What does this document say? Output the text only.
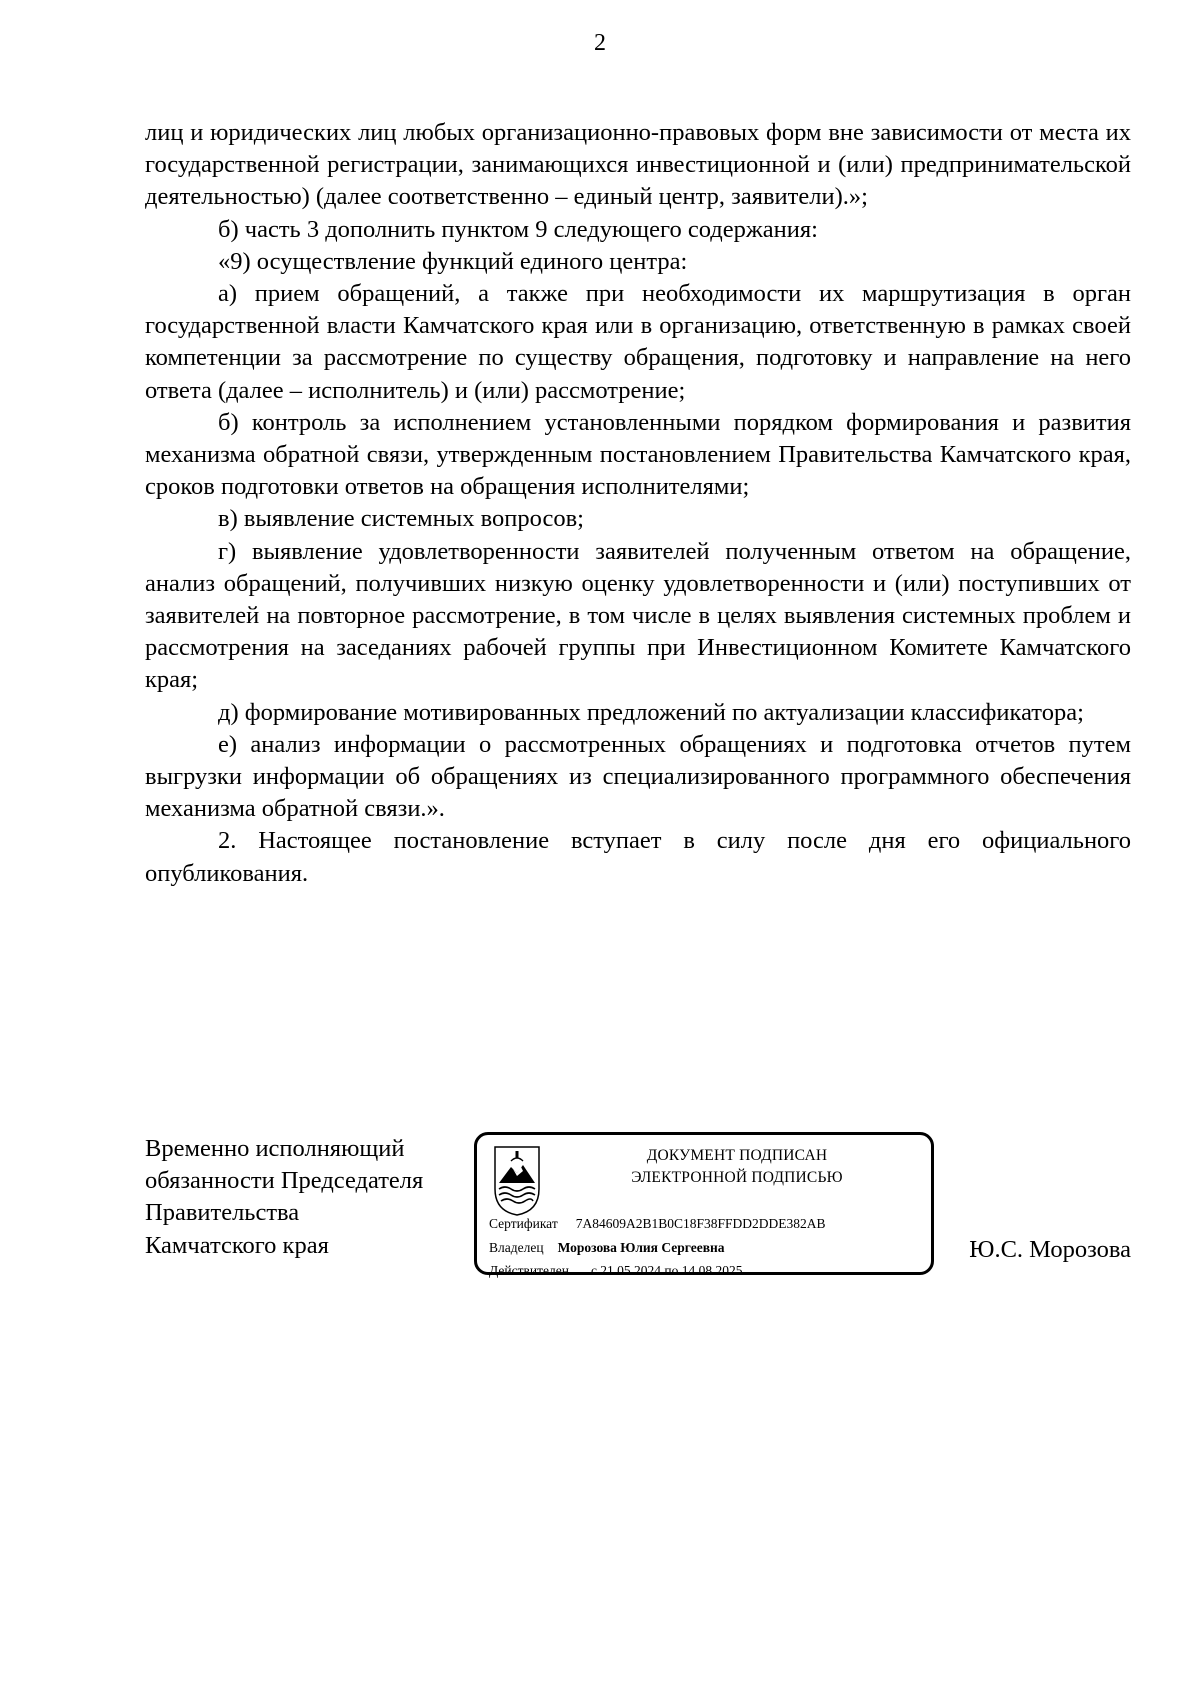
2

лиц и юридических лиц любых организационно-правовых форм вне зависимости от места их государственной регистрации, занимающихся инвестиционной и (или) предпринимательской деятельностью) (далее соответственно – единый центр, заявители).»;

б) часть 3 дополнить пунктом 9 следующего содержания:

«9) осуществление функций единого центра:

а) прием обращений, а также при необходимости их маршрутизация в орган государственной власти Камчатского края или в организацию, ответственную в рамках своей компетенции за рассмотрение по существу обращения, подготовку и направление на него ответа (далее – исполнитель) и (или) рассмотрение;

б) контроль за исполнением установленными порядком формирования и развития механизма обратной связи, утвержденным постановлением Правительства Камчатского края, сроков подготовки ответов на обращения исполнителями;

в) выявление системных вопросов;

г) выявление удовлетворенности заявителей полученным ответом на обращение, анализ обращений, получивших низкую оценку удовлетворенности и (или) поступивших от заявителей на повторное рассмотрение, в том числе в целях выявления системных проблем и рассмотрения на заседаниях рабочей группы при Инвестиционном Комитете Камчатского края;

д) формирование мотивированных предложений по актуализации классификатора;

е) анализ информации о рассмотренных обращениях и подготовка отчетов путем выгрузки информации об обращениях из специализированного программного обеспечения механизма обратной связи.».

2. Настоящее постановление вступает в силу после дня его официального опубликования.

Временно исполняющий
обязанности Председателя
Правительства
Камчатского края
ДОКУМЕНТ ПОДПИСАН
ЭЛЕКТРОННОЙ ПОДПИСЬЮ
Сертификат 7A84609A2B1B0C18F38FFDD2DDE382AB
Владелец Морозова Юлия Сергеевна
Действителен с 21.05.2024 по 14.08.2025
Ю.С. Морозова
